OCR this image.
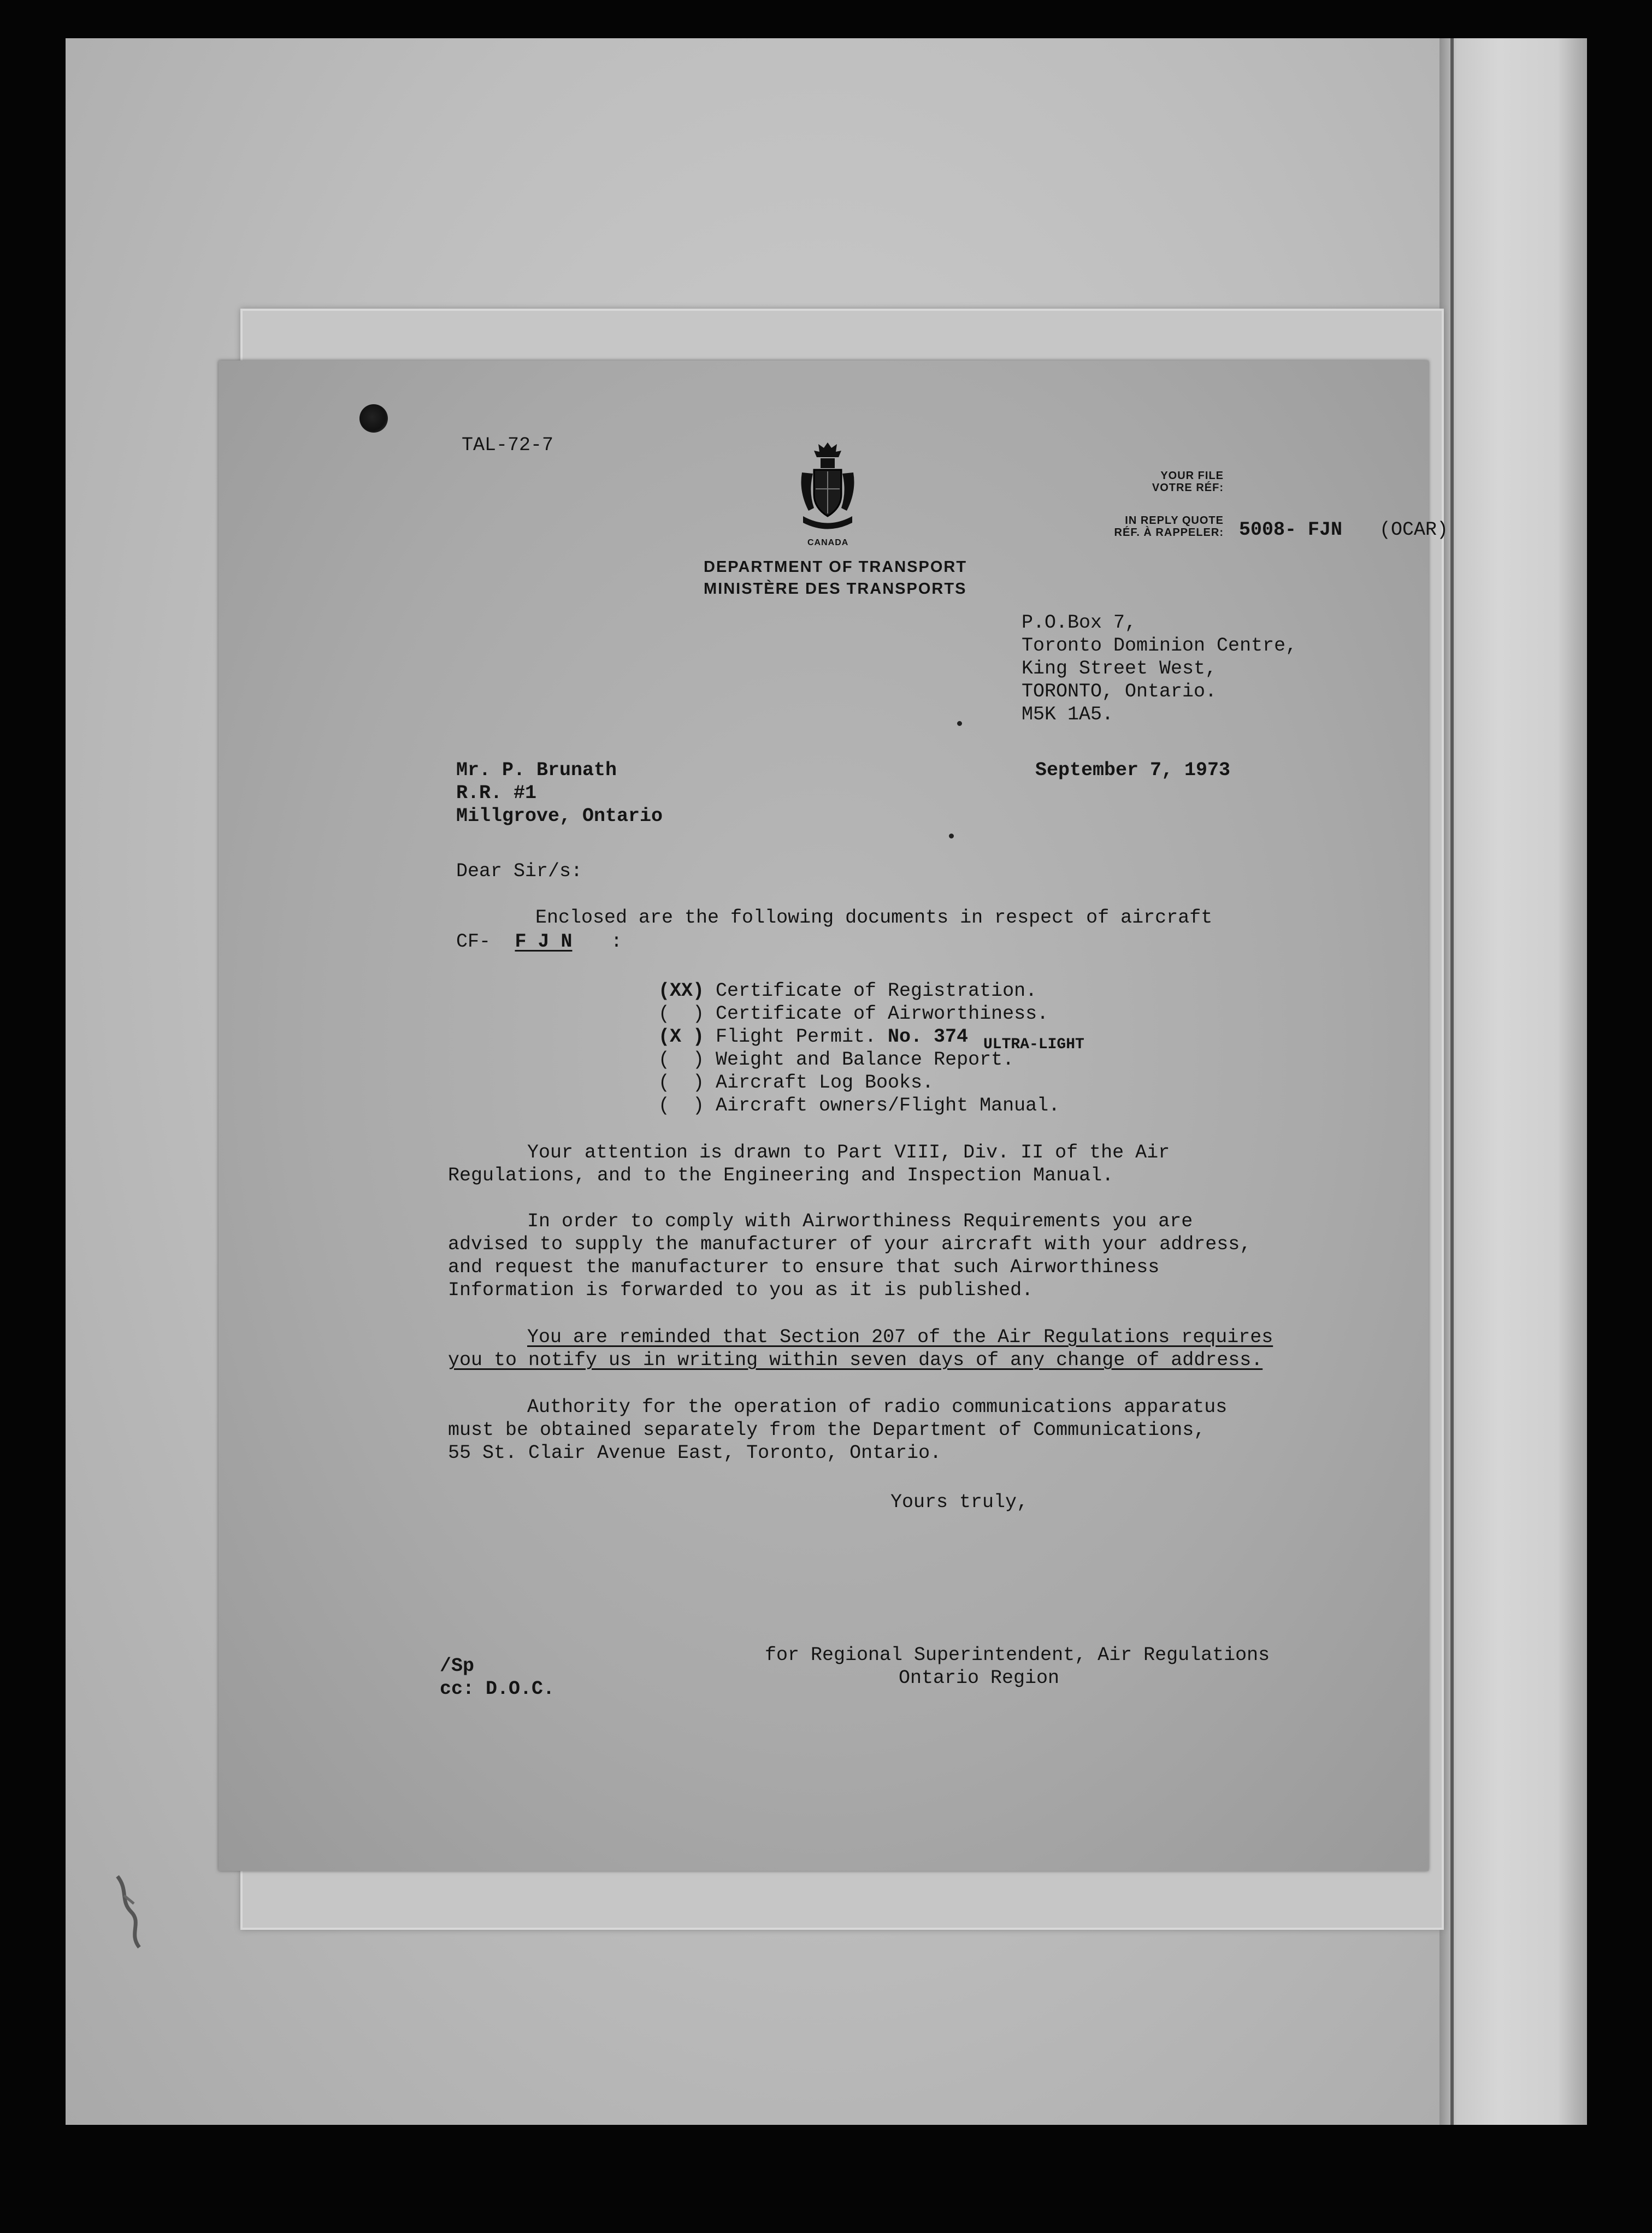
TAL-72-7
CANADA
DEPARTMENT OF TRANSPORT
MINISTÈRE DES TRANSPORTS
YOUR FILE
VOTRE RÉF:
IN REPLY QUOTE
RÉF. À RAPPELER: 5008- FJN (OCAR)
P.O.Box 7,
Toronto Dominion Centre,
King Street West,
TORONTO, Ontario.
M5K 1A5.
Mr. P. Brunath
R.R. #1
Millgrove, Ontario
September 7, 1973
Dear Sir/s:
Enclosed are the following documents in respect of aircraft
CF-	F J N	:
(XX) Certificate of Registration.
(  ) Certificate of Airworthiness.
(X ) Flight Permit. No. 374 ULTRA-LIGHT
(  ) Weight and Balance Report.
(  ) Aircraft Log Books.
(  ) Aircraft owners/Flight Manual.
Your attention is drawn to Part VIII, Div. II of the Air
Regulations, and to the Engineering and Inspection Manual.
In order to comply with Airworthiness Requirements you are
advised to supply the manufacturer of your aircraft with your address,
and request the manufacturer to ensure that such Airworthiness
Information is forwarded to you as it is published.
You are reminded that Section 207 of the Air Regulations requires
you to notify us in writing within seven days of any change of address.
Authority for the operation of radio communications apparatus
must be obtained separately from the Department of Communications,
55 St. Clair Avenue East, Toronto, Ontario.
Yours truly,
for Regional Superintendent, Air Regulations
Ontario Region
/Sp
cc: D.O.C.
